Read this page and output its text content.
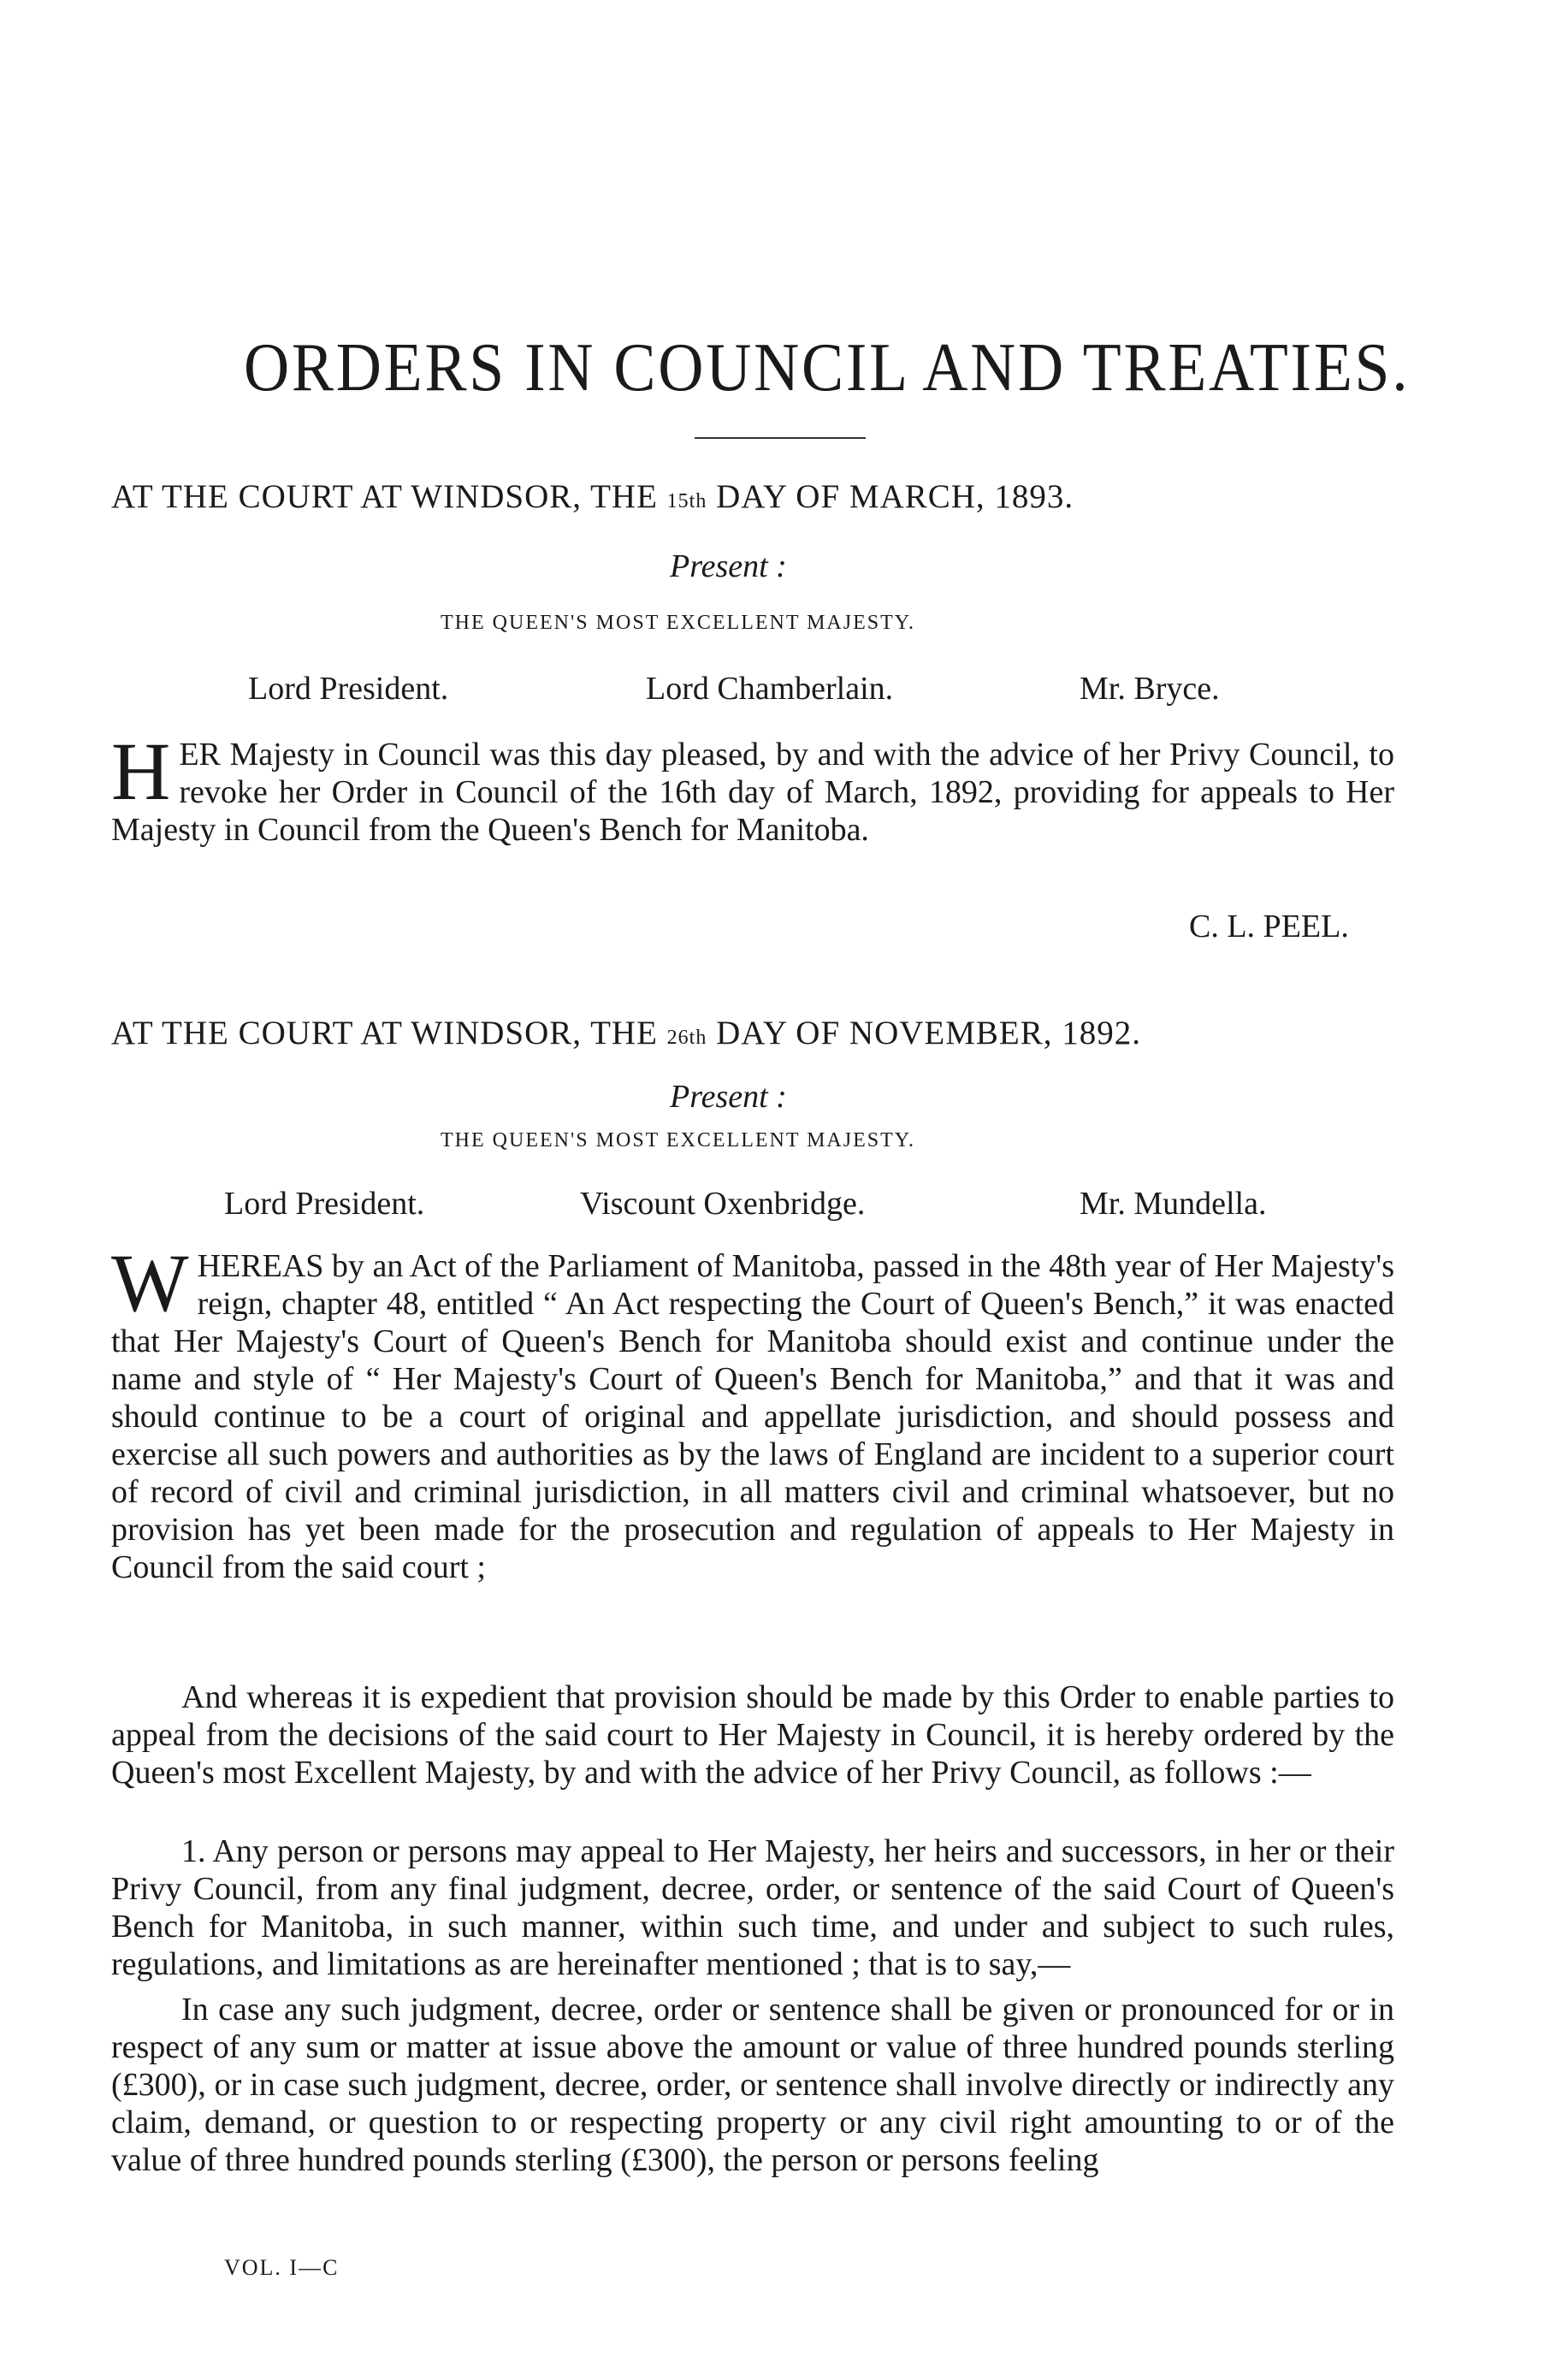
ORDERS IN COUNCIL AND TREATIES.
AT THE COURT AT WINDSOR, THE 15th DAY OF MARCH, 1893.
Present :
THE QUEEN'S MOST EXCELLENT MAJESTY.
Lord President.	Lord Chamberlain.	Mr. Bryce.

HER Majesty in Council was this day pleased, by and with the advice of her Privy Council, to revoke her Order in Council of the 16th day of March, 1892, providing for appeals to Her Majesty in Council from the Queen's Bench for Manitoba.

C. L. PEEL.
AT THE COURT AT WINDSOR, THE 26th DAY OF NOVEMBER, 1892.
Present :
THE QUEEN'S MOST EXCELLENT MAJESTY.
Lord President.	Viscount Oxenbridge.	Mr. Mundella.

WHEREAS by an Act of the Parliament of Manitoba, passed in the 48th year of Her Majesty's reign, chapter 48, entitled “ An Act respecting the Court of Queen's Bench,” it was enacted that Her Majesty's Court of Queen's Bench for Manitoba should exist and continue under the name and style of “ Her Majesty's Court of Queen's Bench for Manitoba,” and that it was and should continue to be a court of original and appellate jurisdiction, and should possess and exercise all such powers and authorities as by the laws of England are incident to a superior court of record of civil and criminal jurisdiction, in all matters civil and criminal whatsoever, but no provision has yet been made for the prosecution and regulation of appeals to Her Majesty in Council from the said court ;

And whereas it is expedient that provision should be made by this Order to enable parties to appeal from the decisions of the said court to Her Majesty in Council, it is hereby ordered by the Queen's most Excellent Majesty, by and with the advice of her Privy Council, as follows :—

1. Any person or persons may appeal to Her Majesty, her heirs and successors, in her or their Privy Council, from any final judgment, decree, order, or sentence of the said Court of Queen's Bench for Manitoba, in such manner, within such time, and under and subject to such rules, regulations, and limitations as are hereinafter mentioned ; that is to say,—

In case any such judgment, decree, order or sentence shall be given or pronounced for or in respect of any sum or matter at issue above the amount or value of three hundred pounds sterling (£300), or in case such judgment, decree, order, or sentence shall involve directly or indirectly any claim, demand, or question to or respecting property or any civil right amounting to or of the value of three hundred pounds sterling (£300), the person or persons feeling

VOL. I—C
